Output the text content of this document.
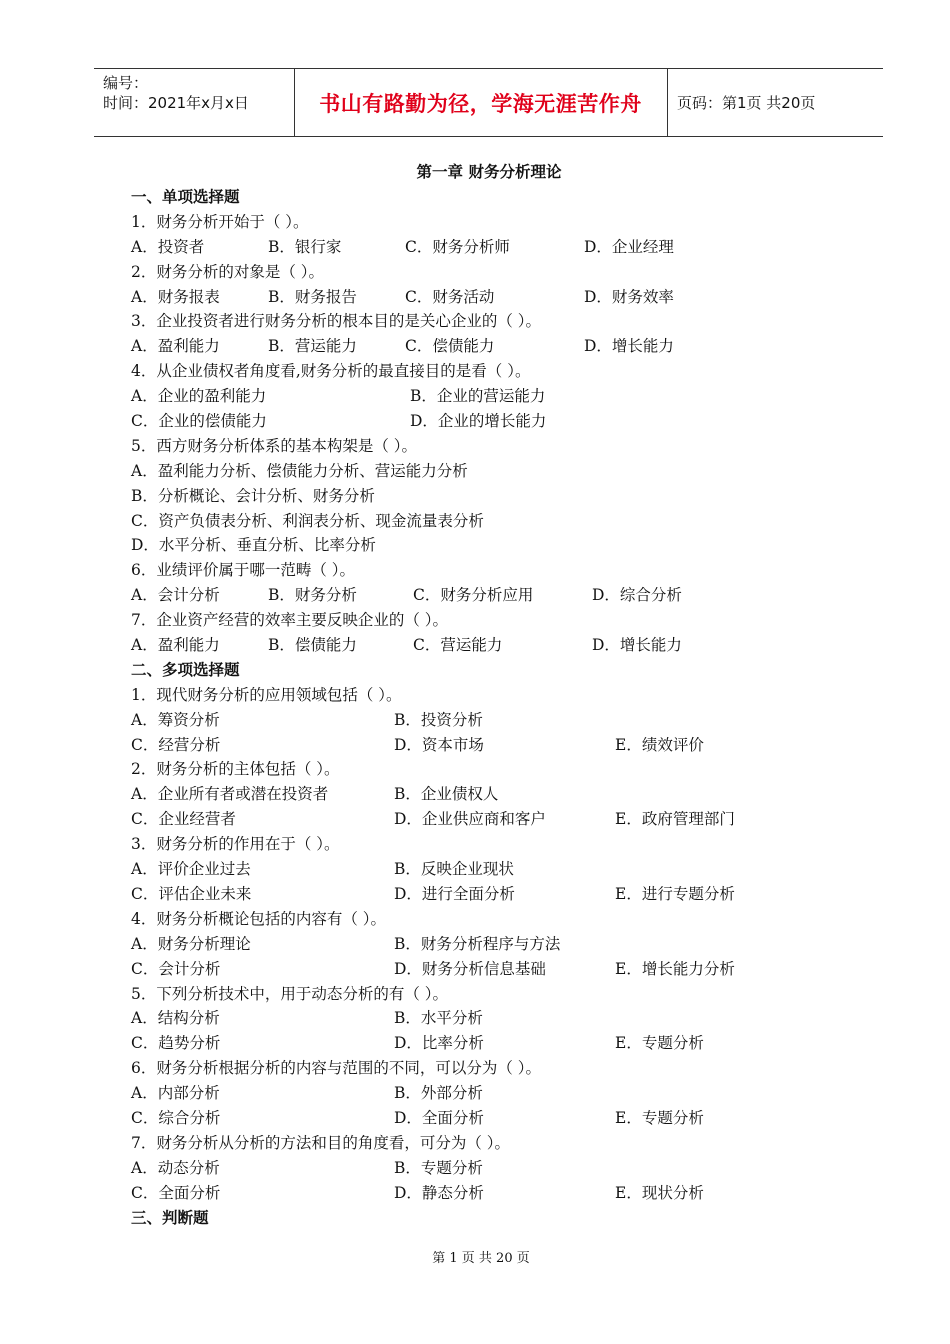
编号：
时间：2021年x月x日	书山有路勤为径，学海无涯苦作舟 页码：第1页 共20页
第一章 财务分析理论
一、单项选择题
1．财务分析开始于（ ）。
A．投资者	B．银行家	C．财务分析师	D．企业经理
2．财务分析的对象是（ ）。
A．财务报表	B．财务报告	C．财务活动	D．财务效率
3．企业投资者进行财务分析的根本目的是关心企业的（ ）。
A．盈利能力	B．营运能力	C．偿债能力	D．增长能力
4．从企业债权者角度看,财务分析的最直接目的是看（ ）。
A．企业的盈利能力	B．企业的营运能力
C．企业的偿债能力	D．企业的增长能力
5．西方财务分析体系的基本构架是（ ）。
A．盈利能力分析、偿债能力分析、营运能力分析
B．分析概论、会计分析、财务分析
C．资产负债表分析、利润表分析、现金流量表分析
D．水平分析、垂直分析、比率分析
6．业绩评价属于哪一范畴（ ）。
A．会计分析	B．财务分析	C．财务分析应用	D．综合分析
7．企业资产经营的效率主要反映企业的（ ）。
A．盈利能力	B．偿债能力	C．营运能力	D．增长能力
二、多项选择题
1．现代财务分析的应用领域包括（ ）。
A．筹资分析	B．投资分析
C．经营分析	D．资本市场	E．绩效评价
2．财务分析的主体包括（ ）。
A．企业所有者或潜在投资者	B．企业债权人
C．企业经营者	D．企业供应商和客户	E．政府管理部门
3．财务分析的作用在于（ ）。
A．评价企业过去	B．反映企业现状
C．评估企业未来	D．进行全面分析	E．进行专题分析
4．财务分析概论包括的内容有（ ）。
A．财务分析理论	B．财务分析程序与方法
C．会计分析	D．财务分析信息基础	E．增长能力分析
5．下列分析技术中，用于动态分析的有（ ）。
A．结构分析	B．水平分析
C．趋势分析	D．比率分析	E．专题分析
6．财务分析根据分析的内容与范围的不同，可以分为（ ）。
A．内部分析	B．外部分析
C．综合分析	D．全面分析	E．专题分析
7．财务分析从分析的方法和目的角度看，可分为（ ）。
A．动态分析	B．专题分析
C．全面分析	D．静态分析	E．现状分析
三、判断题
第 1 页 共 20 页
